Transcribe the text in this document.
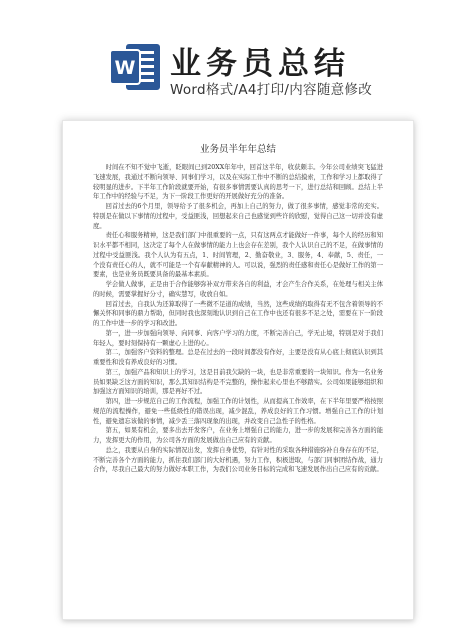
W 业务员总结
Word格式/A4打印/内容随意修改
业务员半年年总结

时间在不知不觉中飞逝，眨眼间已到20XX年年中，回首这半年，收获颇丰。今年公司业绩突飞猛进飞速发展，我通过不断向领导、同事们学习，以及在实际工作中不断的总结摸索，工作和学习上都取得了较明显的进步。下半年工作阶段就要开始，有很多事情需要认真的思考一下，进行总结和回顾。总结上半年工作中的经验与不足，为下一阶段工作更好的开展做好充分的准备。

回首过去的6个月里，领导给予了很多机会，再加上自己的努力，做了很多事情，感觉非常的充实。特别是在做以下事情的过程中，受益匪浅，回想起来自己也感觉到些许的欣慰，觉得自己这一切并没有虚度。

责任心和服务精神，这是我们部门中很重要的一点，只有这两点才能做好一件事，每个人的经历和知识水平都不相同，这决定了每个人在做事情的能力上也会存在差别，我个人认识自己的不足，在做事情的过程中受益匪浅。我个人认为有五点，1、时间管理，2、勤奋敬业，3、服务，4、奉献，5、责任，一个没有责任心的人，就不可能是一个有奉献精神的人。可以说，强烈的责任感和责任心是做好工作的第一要素，也是业务员既要具备的最基本素质。

学会做人做事，正是由于合作能够弥补双方带来各自的利益，才会产生合作关系，在处理与相关主体的时候，需要掌握好分寸，确实慧写，收放自如。

回首过去，自我认为还算取得了一些微不足道的成绩，当然，这些成绩的取得有无不包含着领导的不懈关怀和同事的鼎力帮助，但同时我也深刻地认识到自己在工作中也还有很多不足之处，需要在下一阶段的工作中进一步的学习和改进。

第一，进一步加强向领导、向同事、向客户学习的力度，不断完善自己，学无止境，特别是对于我们年轻人，要时刻保持有一颗虚心上进的心。

第二，加强客户资料的整理。总是在过去的一段时间都没有作好，主要是没有从心底上彻底认识到其重要性和没有养成良好的习惯。

第三，加强产品和知识上的学习，这是目前我欠缺的一块，也是非常重要的一块知识。作为一名业务员如果缺乏这方面的知识，那么其知识结构是不完整的，操作起来心里也不够踏实。公司如果能够组织和加强这方面知识的培训，那是再好不过。

第四，进一步规范自己的工作流程，加强工作的计划性，从而提高工作效率，在下半年里要严格按照规范的流程操作，避免一些低级性的错误出现，减少混乱，养成良好的工作习惯。增强自己工作的计划性，避免遗忘该做的事情，减少丢三落四现象的出现，并改变自己急性子的性格。

第五，如果有机会，要多出去开发客户，在业务上增强自己的能力，进一步的发展和完善各方面的能力，发挥更大的作用，为公司各方面的发展做出自己应有的贡献。

总之，我要从自身的实际情况出发，发挥自身优势，有针对性的采取各种措施弥补自身存在的不足，不断完善各个方面的能力，抓住我们部门的大好机遇，努力工作，积极进取，与部门同事团结作战，通力合作，尽我自己最大的努力做好本职工作，为我们公司业务目标的完成和飞速发展作出自己应有的贡献。
